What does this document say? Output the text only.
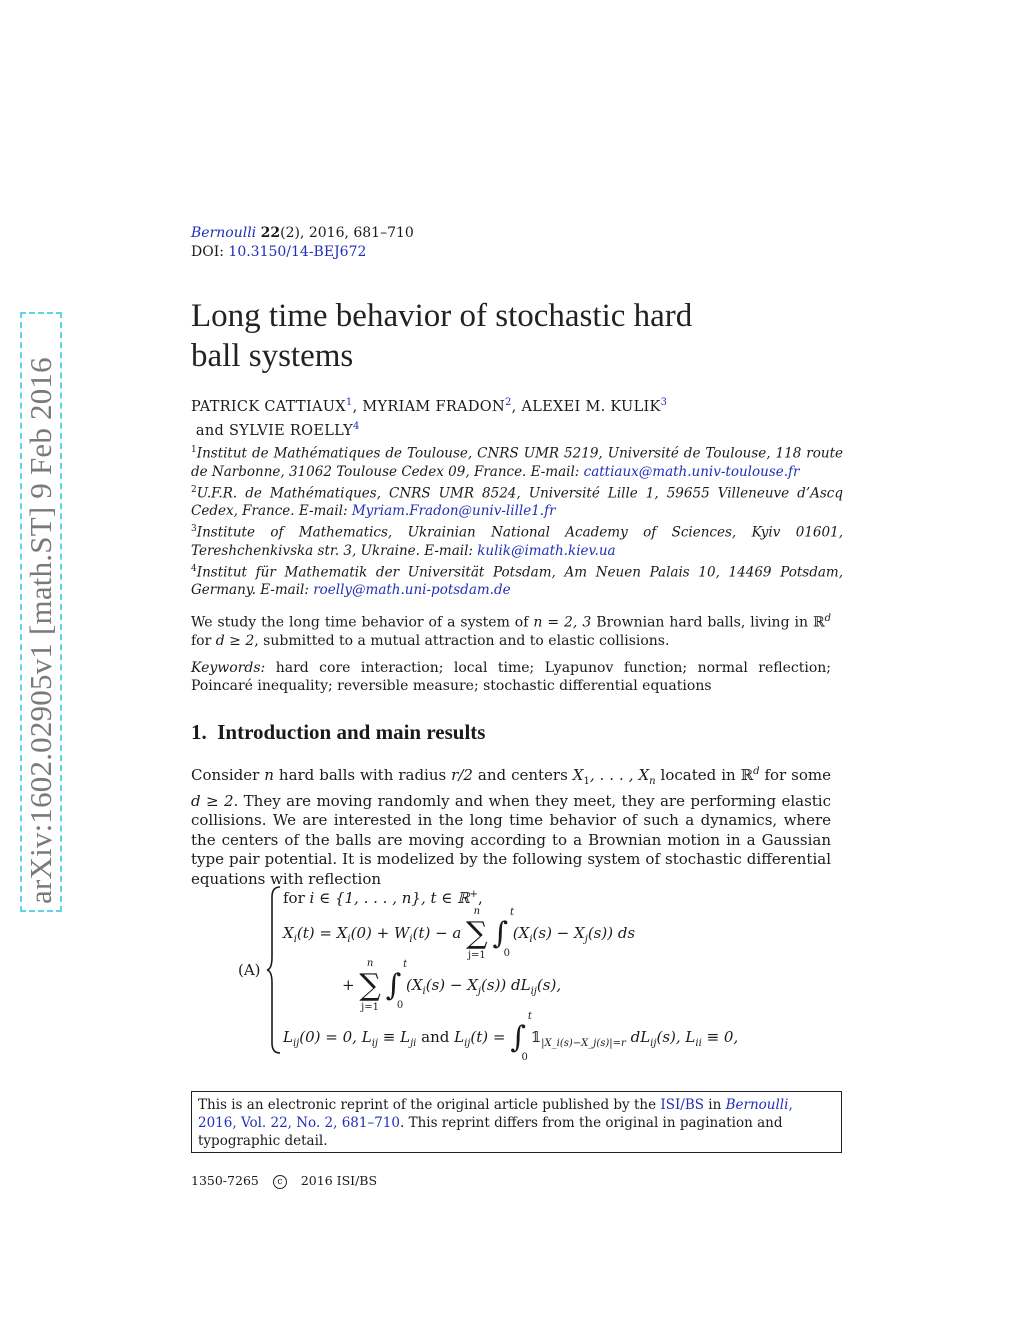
arXiv:1602.02905v1 [math.ST] 9 Feb 2016
Bernoulli 22(2), 2016, 681–710
DOI: 10.3150/14-BEJ672
Long time behavior of stochastic hard
ball systems
PATRICK CATTIAUX$^1$, MYRIAM FRADON$^2$, ALEXEI M. KULIK$^3$
and SYLVIE ROELLY$^4$
$^1$Institut de Mathématiques de Toulouse, CNRS UMR 5219, Université de Toulouse, 118 route de Narbonne, 31062 Toulouse Cedex 09, France. E-mail: cattiaux@math.univ-toulouse.fr
$^2$U.F.R. de Mathématiques, CNRS UMR 8524, Université Lille 1, 59655 Villeneuve d’Ascq Cedex, France. E-mail: Myriam.Fradon@univ-lille1.fr
$^3$Institute of Mathematics, Ukrainian National Academy of Sciences, Kyiv 01601, Tereshchenkivska str. 3, Ukraine. E-mail: kulik@imath.kiev.ua
$^4$Institut für Mathematik der Universität Potsdam, Am Neuen Palais 10, 14469 Potsdam, Germany. E-mail: roelly@math.uni-potsdam.de
We study the long time behavior of a system of n = 2, 3 Brownian hard balls, living in ℝ$^d$ for d ≥ 2, submitted to a mutual attraction and to elastic collisions.
Keywords: hard core interaction; local time; Lyapunov function; normal reflection; Poincaré inequality; reversible measure; stochastic differential equations
1. Introduction and main results
Consider n hard balls with radius r/2 and centers $X_1$, . . . , $X_n$ located in ℝ$^d$ for some d ≥ 2. They are moving randomly and when they meet, they are performing elastic collisions. We are interested in the long time behavior of such a dynamics, where the centers of the balls are moving according to a Brownian motion in a Gaussian type pair potential. It is modelized by the following system of stochastic differential equations with reflection
(A)
for i ∈ {1, . . . , n}, t ∈ ℝ+,
$X_i(t) = X_i(0) + W_i(t) - a$
n
∑
j=1

t
∫
0
$(X_i(s) - X_j(s))$ ds
+
n
∑
j=1

t
∫
0
$(X_i(s) - X_j(s))$ $dL_{ij}(s)$,
$L_{ij}(0) = 0$, $L_{ij} \equiv L_{ji}$ and $L_{ij}(t)$ =
t
∫
0
$𝟙_{|X\_i(s)-X\_j(s)|=r}$ $dL_{ij}(s)$, $L_{ii} \equiv 0$,
This is an electronic reprint of the original article published by the ISI/BS in Bernoulli, 2016, Vol. 22, No. 2, 681–710. This reprint differs from the original in pagination and typographic detail.
1350-7265 c 2016 ISI/BS
